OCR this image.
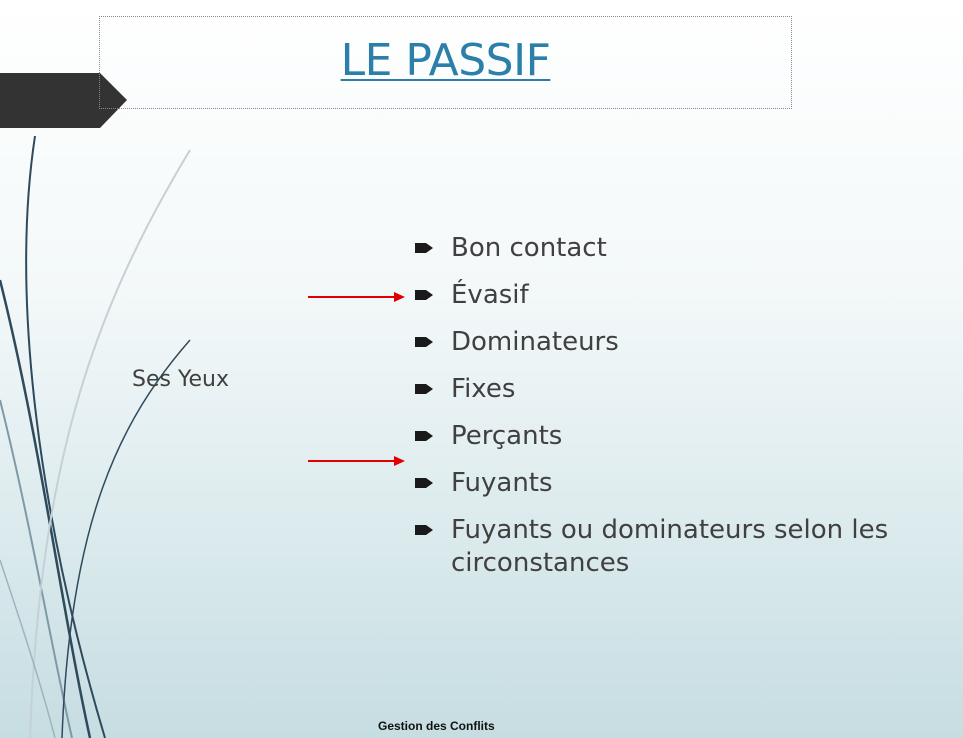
LE PASSIF
Ses Yeux
Bon contact
Évasif
Dominateurs
Fixes
Perçants
Fuyants
Fuyants ou dominateurs selon les circonstances
Gestion des Conflits
